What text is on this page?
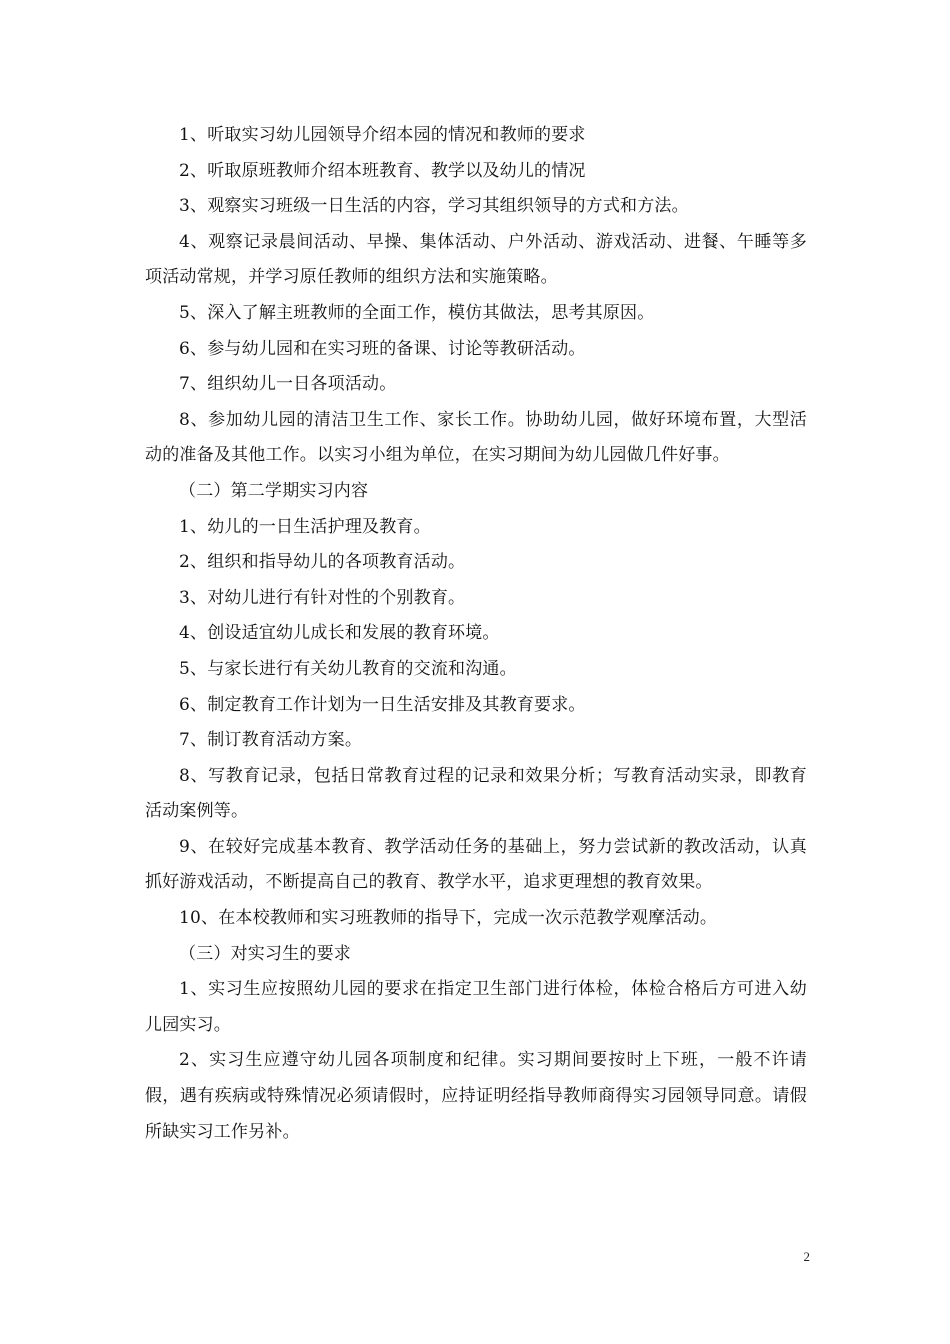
1、听取实习幼儿园领导介绍本园的情况和教师的要求

2、听取原班教师介绍本班教育、教学以及幼儿的情况

3、观察实习班级一日生活的内容，学习其组织领导的方式和方法。

4、观察记录晨间活动、早操、集体活动、户外活动、游戏活动、进餐、午睡等多项活动常规，并学习原任教师的组织方法和实施策略。

5、深入了解主班教师的全面工作，模仿其做法，思考其原因。

6、参与幼儿园和在实习班的备课、讨论等教研活动。

7、组织幼儿一日各项活动。

8、参加幼儿园的清洁卫生工作、家长工作。协助幼儿园，做好环境布置，大型活动的准备及其他工作。以实习小组为单位，在实习期间为幼儿园做几件好事。

（二）第二学期实习内容

1、幼儿的一日生活护理及教育。

2、组织和指导幼儿的各项教育活动。

3、对幼儿进行有针对性的个别教育。

4、创设适宜幼儿成长和发展的教育环境。

5、与家长进行有关幼儿教育的交流和沟通。

6、制定教育工作计划为一日生活安排及其教育要求。

7、制订教育活动方案。

8、写教育记录，包括日常教育过程的记录和效果分析；写教育活动实录，即教育活动案例等。

9、在较好完成基本教育、教学活动任务的基础上，努力尝试新的教改活动，认真抓好游戏活动，不断提高自己的教育、教学水平，追求更理想的教育效果。

10、在本校教师和实习班教师的指导下，完成一次示范教学观摩活动。

（三）对实习生的要求

1、实习生应按照幼儿园的要求在指定卫生部门进行体检，体检合格后方可进入幼儿园实习。

2、实习生应遵守幼儿园各项制度和纪律。实习期间要按时上下班，一般不许请假，遇有疾病或特殊情况必须请假时，应持证明经指导教师商得实习园领导同意。请假所缺实习工作另补。

2
